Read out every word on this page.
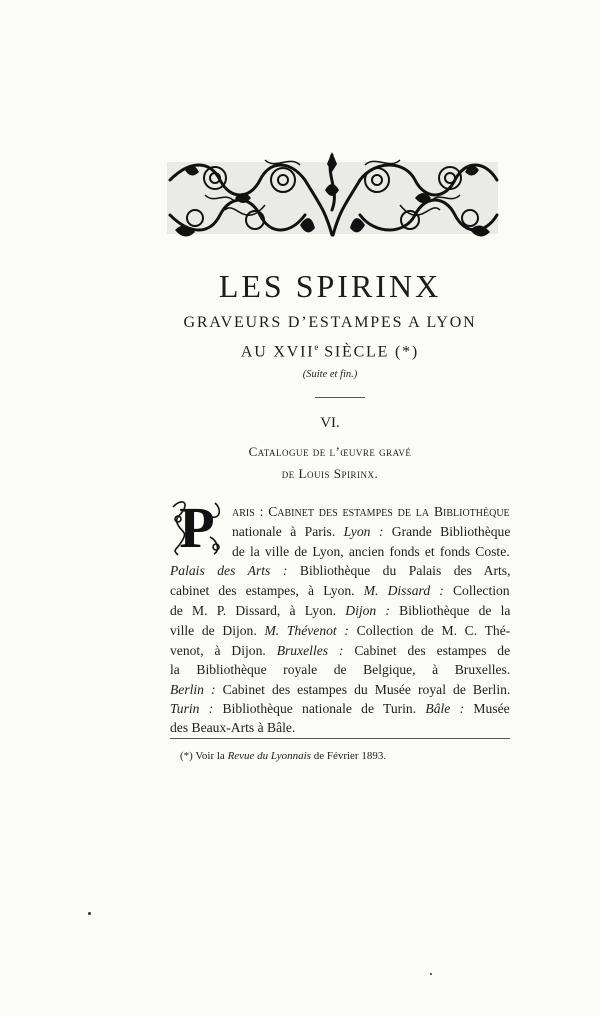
LES SPIRINX
GRAVEURS D’ESTAMPES A LYON
AU XVIIe SIÈCLE (*)
(Suite et fin.)
VI.
Catalogue de l’œuvre gravé
de Louis Spirinx.
P aris : Cabinet des estampes de la Bibliothèque
nationale à Paris. Lyon : Grande Bibliothèque
de la ville de Lyon, ancien fonds et fonds Coste.
Palais des Arts : Bibliothèque du Palais des Arts,
cabinet des estampes, à Lyon. M. Dissard : Collection
de M. P. Dissard, à Lyon. Dijon : Bibliothèque de la
ville de Dijon. M. Thévenot : Collection de M. C. Thé-
venot, à Dijon. Bruxelles : Cabinet des estampes de
la Bibliothèque royale de Belgique, à Bruxelles.
Berlin : Cabinet des estampes du Musée royal de Berlin.
Turin : Bibliothèque nationale de Turin. Bâle : Musée
des Beaux-Arts à Bâle.
(*) Voir la Revue du Lyonnais de Février 1893.
